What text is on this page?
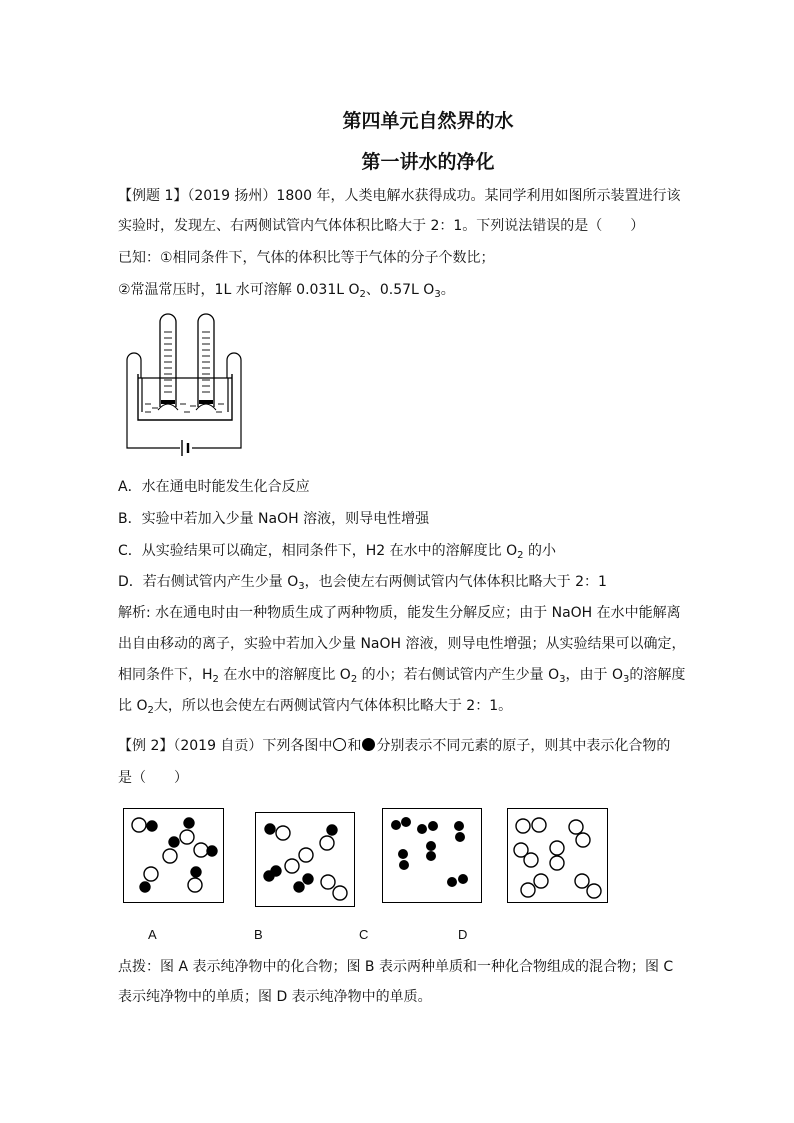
第四单元自然界的水
第一讲水的净化
【例题 1】（2019 扬州）1800 年，人类电解水获得成功。某同学利用如图所示装置进行该
实验时，发现左、右两侧试管内气体体积比略大于 2：1。下列说法错误的是（　　）
已知：①相同条件下，气体的体积比等于气体的分子个数比；
②常温常压时，1L 水可溶解 0.031L $O_2$、0.57L $O_3$。
A．水在通电时能发生化合反应
B．实验中若加入少量 NaOH 溶液，则导电性增强
C．从实验结果可以确定，相同条件下，H2 在水中的溶解度比 $O_2$ 的小
D．若右侧试管内产生少量 $O_3$，也会使左右两侧试管内气体体积比略大于 2：1
解析: 水在通电时由一种物质生成了两种物质，能发生分解反应；由于 NaOH 在水中能解离
出自由移动的离子，实验中若加入少量 NaOH 溶液，则导电性增强；从实验结果可以确定，
相同条件下，$H_2$ 在水中的溶解度比 $O_2$ 的小；若右侧试管内产生少量 $O_3$，由于 $O_3$的溶解度
比 $O_2$大，所以也会使左右两侧试管内气体体积比略大于 2：1。
【例 2】（2019 自贡）下列各图中 和 分别表示不同元素的原子，则其中表示化合物的
是（　　）
A	B	C	D
点拨：图 A 表示纯净物中的化合物；图 B 表示两种单质和一种化合物组成的混合物；图 C
表示纯净物中的单质；图 D 表示纯净物中的单质。
